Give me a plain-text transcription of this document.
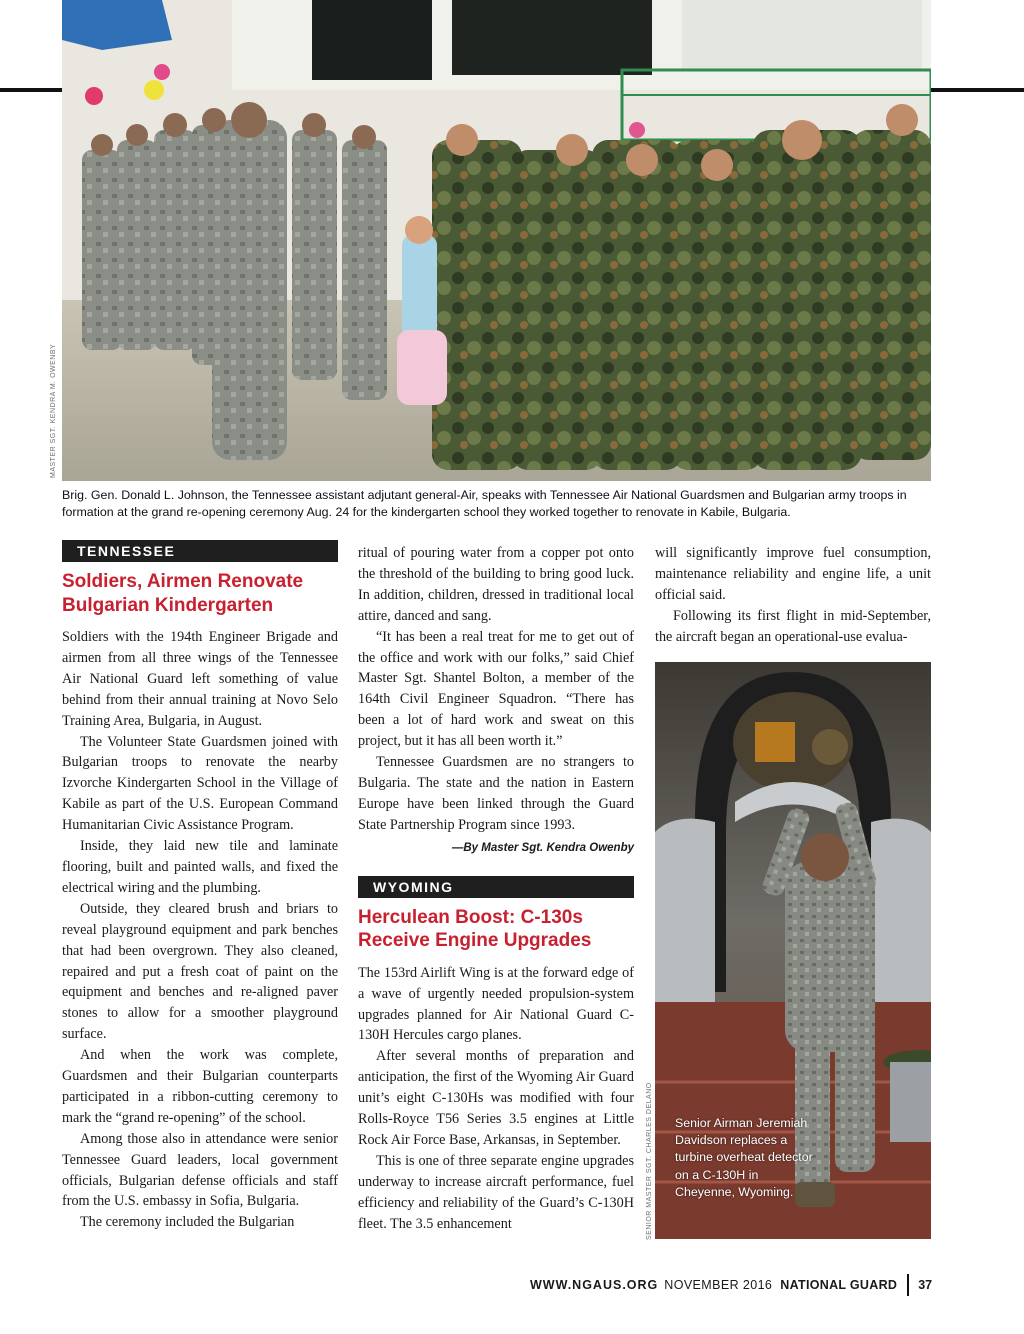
MASTER SGT. KENDRA M. OWENBY
Brig. Gen. Donald L. Johnson, the Tennessee assistant adjutant general-Air, speaks with Tennessee Air National Guardsmen and Bulgarian army troops in formation at the grand re-opening ceremony Aug. 24 for the kindergarten school they worked together to renovate in Kabile, Bulgaria.
TENNESSEE
Soldiers, Airmen Renovate Bulgarian Kindergarten

Soldiers with the 194th Engineer Brigade and airmen from all three wings of the Tennessee Air National Guard left something of value behind from their annual training at Novo Selo Training Area, Bulgaria, in August.

The Volunteer State Guardsmen joined with Bulgarian troops to renovate the nearby Izvorche Kindergarten School in the Village of Kabile as part of the U.S. European Command Humanitarian Civic Assistance Program.

Inside, they laid new tile and laminate flooring, built and painted walls, and fixed the electrical wiring and the plumbing.

Outside, they cleared brush and briars to reveal playground equipment and park benches that had been overgrown. They also cleaned, repaired and put a fresh coat of paint on the equipment and benches and re-aligned paver stones to allow for a smoother playground surface.

And when the work was complete, Guardsmen and their Bulgarian counterparts participated in a ribbon-cutting ceremony to mark the “grand re-opening” of the school.

Among those also in attendance were senior Tennessee Guard leaders, local government officials, Bulgarian defense officials and staff from the U.S. embassy in Sofia, Bulgaria.

The ceremony included the Bulgarian

ritual of pouring water from a copper pot onto the threshold of the building to bring good luck. In addition, children, dressed in traditional local attire, danced and sang.

“It has been a real treat for me to get out of the office and work with our folks,” said Chief Master Sgt. Shantel Bolton, a member of the 164th Civil Engineer Squadron. “There has been a lot of hard work and sweat on this project, but it has all been worth it.”

Tennessee Guardsmen are no strangers to Bulgaria. The state and the nation in Eastern Europe have been linked through the Guard State Partnership Program since 1993.

—By Master Sgt. Kendra Owenby
WYOMING
Herculean Boost: C-130s Receive Engine Upgrades

The 153rd Airlift Wing is at the forward edge of a wave of urgently needed propulsion-system upgrades planned for Air National Guard C-130H Hercules cargo planes.

After several months of preparation and anticipation, the first of the Wyoming Air Guard unit’s eight C-130Hs was modified with four Rolls-Royce T56 Series 3.5 engines at Little Rock Air Force Base, Arkansas, in September.

This is one of three separate engine upgrades underway to increase aircraft performance, fuel efficiency and reliability of the Guard’s C-130H fleet. The 3.5 enhancement

will significantly improve fuel consumption, maintenance reliability and engine life, a unit official said.

Following its first flight in mid-September, the aircraft began an operational-use evalua-

Senior Airman Jeremiah Davidson replaces a turbine overheat detector on a C-130H in Cheyenne, Wyoming.
SENIOR MASTER SGT. CHARLES DELANO
WWW.NGAUS.ORG NOVEMBER 2016 NATIONAL GUARD 37
